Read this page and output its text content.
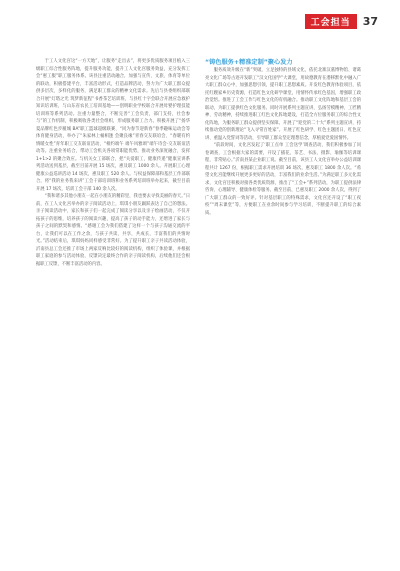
工会担当	37

于工人文化宫这“一方天地”，让服务“走出去”，将更多优质服务项目植入三级职工综合性服务阵地，提升服务功能，提升工人文化宫服务效益，充分发挥工会“惠工服”职工服务体系。该县注重活动融合，加强与宣传、文旅、体育等单位的联动，积极搭建平台，丰富活动形式，打造品牌活动，努力为广大职工群众提供多层次、多样化的服务，满足职工群众的精神文化需求。先后与县委组织部联合开展“灯塔之光 筑梦新征程”书香茶艺培训班，与县红十字会联合开展应急救护知识培训班，与山东省农民工培训基地——创明职业学校联合开展母婴护理技能培训班等系列活动。注重力量整合，不断完善“工会负责，部门支持，社会参与”的工作机制，积极吸收各类社会组织，形成服务职工合力。积极开展了“扬华夏品牌红色步履城 BA”职工篮球超级联赛、“同为春节迎新春”春季趣味运动会等体育健身活动，举办了“朱家林上桶相逢 会聚良缘”青春交友联谊会、“春暖有约 情暖女性”青年职工交友联谊活动，“相约端午 端午风雅颂”端午诗会·交友联谊活动等。注重业务结合，带动工会机关各项常职能优势，推动业务深度融合，发挥 1+1>2 的聚合效应。与机关女工部联合，把“关爱职工，健康传递”健康宣讲系列活动送到基层，截至目前开展 15 场次，惠及职工 1000 余人。开展职工心理健康公益巡讲活动 14 场次，惠及职工 520 余人。与权益保障部和基层工作部联合，将“我的业务我来讲”工会干部培训班和业务系列培训班举办起来，截至目前开展 17 场次，培训工会干部 140 余人次。

“我和诸多其他小朋友一起在小朋友的精彩里，我也要去寻找美丽的春天。”日前，在工人文化宫举办的亲子阅读活动上，琪琪小朋友踊跃表达了自己的想法。亲子阅读活动中，家长和孩子们一起完成了阅读分享以及亲子绘画活动，不仅开拓孩子的思维，培养孩子的阅读兴趣，提高了孩子的动手能力，还增进了家长与孩子之间的默契和感情。“感谢工会为我们搭建了这样一个与孩子沟通交流的平台，让我们可以在工作之余，与孩子共读、共享，共成长，丰富我们的共情时光。”活动结束后，琪琪妈妈同样感受非常好。为了提升职工亲子共读活动体验，沂南县总工会还推了市场上两家反响比较好的阅读机构，组织了体验课，并根据职工家庭的参与活动体验，反馈决定最终合作的亲子阅读机构，后续他们还会根据职工反馈，不断丰富活动的内容。

“铸色服务+精准定制”聚心发力

服务质效升级在“新”突破，立足独特的县域文化，依托北寨汉墓博物馆、诸葛亮文化广场等古迹开发职工“汉文化国学”大课堂，用故德教育在潜移默化中融入广大职工群众心中，加强思想引领，提升职工思想素质。开发红色教育体验项目，依托红嫂家乡历史资源，打造红色文化研学课堂，用情怀传承红色基因，增强职工政治觉悟。推进了工会工作与红色文化的有机融合。推动职工文化阵地和基层工会的联动，为职工提供红色文化服务。同时开展系列主题宣讲，弘扬劳模精神、工匠精神、劳动精神，持续推进职工红色文化阵地建设，打造全方位服务职工的综合性文化阵地，为服务职工群众提供坚实保障。开展了“迎党的二十大”系列主题宣讲，持续推动党的创新理论“飞入寻常百姓家”。开展了红色研学、红色主题团日、红色宣讲、重温入党誓词等活动，引导职工群众坚定理想信念，厚植爱党爱国情怀。

“前段时间，文化宫发起了‘职工点单 工会送学’调查活动，我们积极参加了问卷调查，工会根据大家的需要，开设了插花、茶艺、书法、摄影、瑜伽等培训课程，非常贴心。”沂南县某企业职工说。截至目前，该县工人文化宫举办公益培训课程共计 1267 份，根据职工需求开展培训 36 场次，惠及职工 1800 余人次。“希望文化宫能继续开展更多更好的活动，丰富我们的业余生活。”为满足职工多元化需求，文化宫还积极对接各类优质资源，推出了“工会+”系列活动，为职工提供法律咨询、心理辅导、健康体检等服务。截至目前，已惠及职工 2000 余人次，得到了广大职工群众的一致好评。针对基层职工的特殊需求，文化宫还开设了“职工夜校”“周末课堂”等，方便职工在业余时间参与学习培训，不断提升职工的综合素质。
